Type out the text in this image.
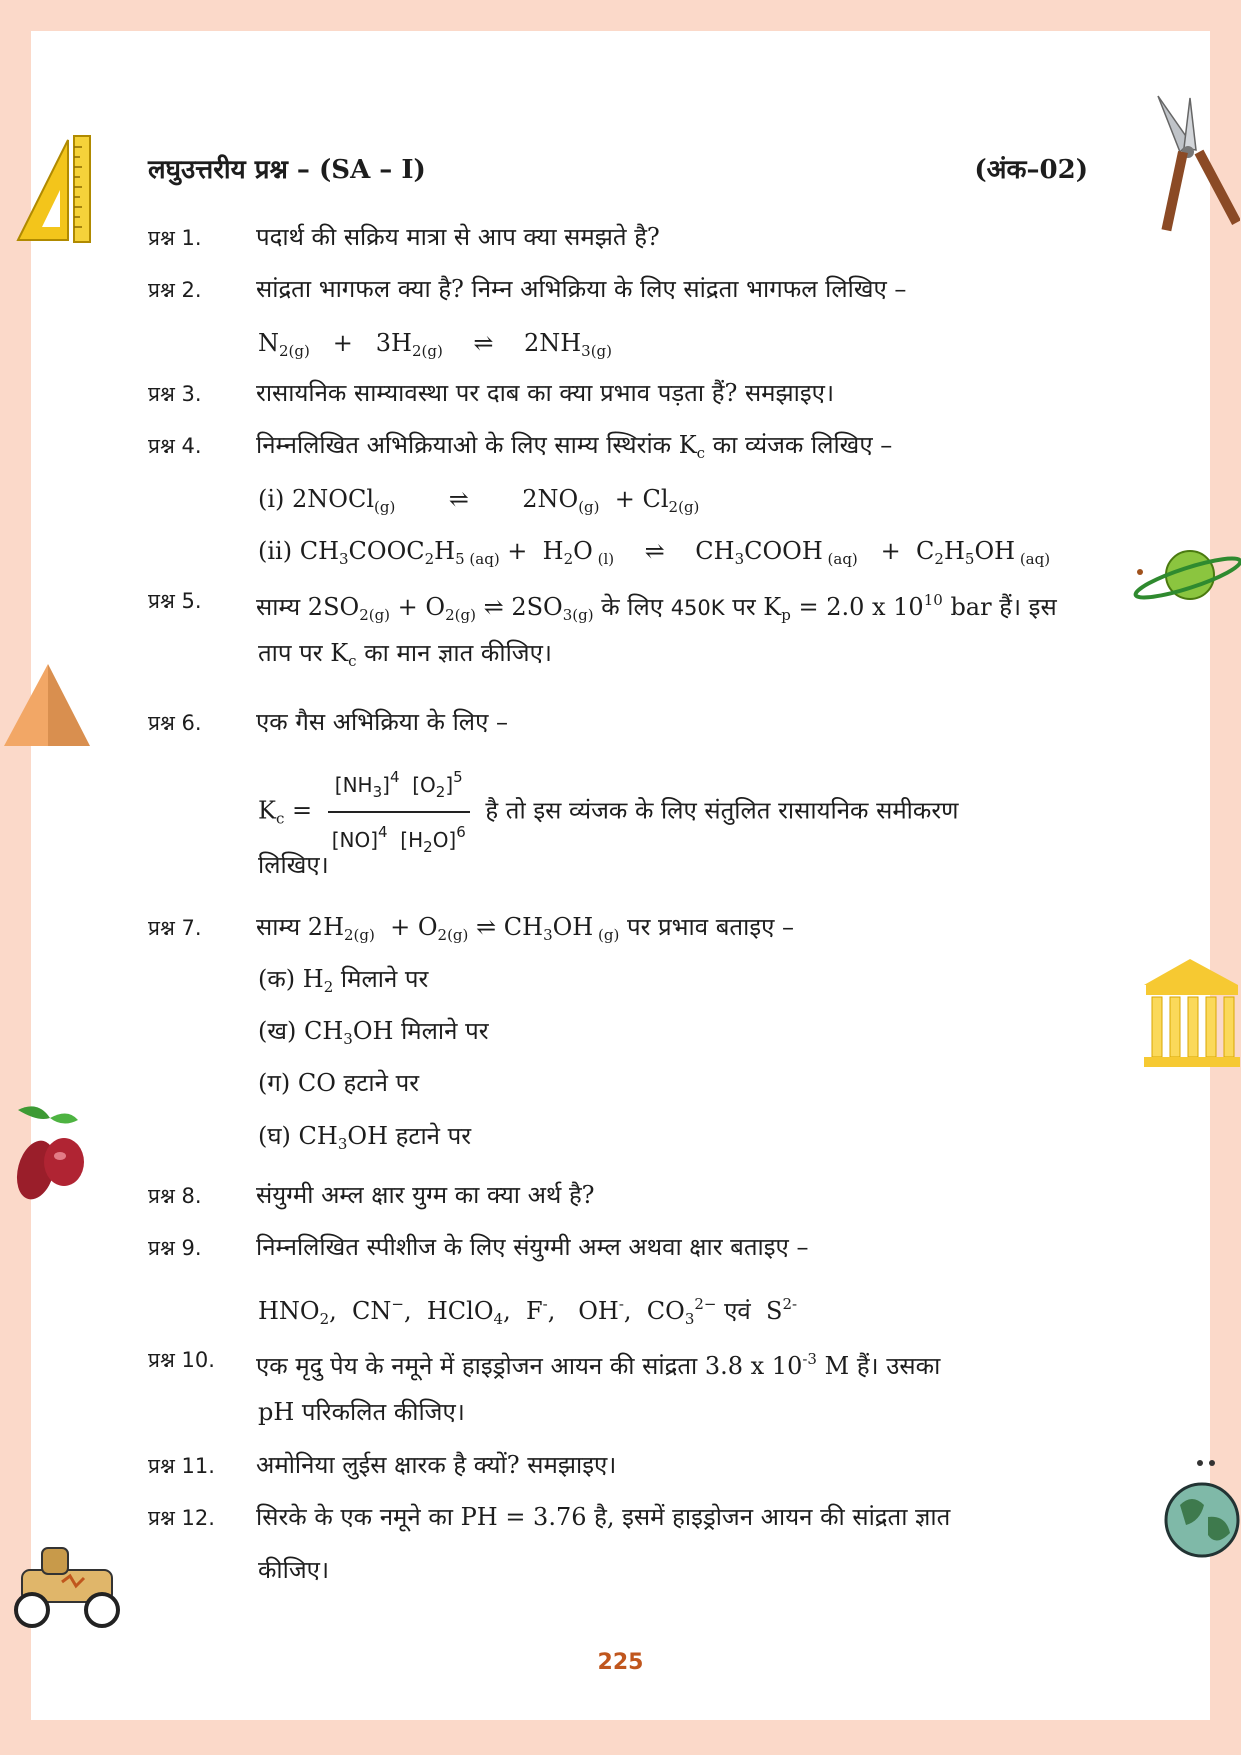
लघुउत्तरीय प्रश्न – (SA – I)	(अंक–02)
प्रश्न 1. पदार्थ की सक्रिय मात्रा से आप क्या समझते है?
प्रश्न 2. सांद्रता भागफल क्या है? निम्न अभिक्रिया के लिए सांद्रता भागफल लिखिए –
$N_{2(g)} + 3H_{2(g)}$    ⇌    $2NH_{3(g)}$
प्रश्न 3. रासायनिक साम्यावस्था पर दाब का क्या प्रभाव पड़ता हैं? समझाइए।
प्रश्न 4. निम्नलिखित अभिक्रियाओ के लिए साम्य स्थिरांक $K_c$ का व्यंजक लिखिए –
(i) 2NOCl$_{(g)}$       ⇌       $2NO_{(g)} + Cl_{2(g)}$
(ii) $CH_3COOC_2H_{5 (aq)} + H_2O$ $_{(l)}$    ⇌    $CH_3COOH$ $_{(aq)} + C_2H_5OH$ $_{(aq)}$
प्रश्न 5. साम्य $2SO_{2(g)} + O_{2(g)}$ ⇌ $2SO_{3(g)}$ के लिए 450K पर $K_p = 2.0$ x $10^{10}$ bar हैं। इस
ताप पर $K_c$ का मान ज्ञात कीजिए।
प्रश्न 6. एक गैस अभिक्रिया के लिए –
$K_c = \frac{[NH_3]^4 [O_2]^5}{[NO]^4 [H_2O]^6}$ है तो इस व्यंजक के लिए संतुलित रासायनिक समीकरण
लिखिए।
प्रश्न 7. साम्य $2H_{2(g)} + O_{2(g)}$ ⇌ $CH_3OH$ $_{(g)}$ पर प्रभाव बताइए –
(क) $H_2$ मिलाने पर
(ख) $CH_3OH$ मिलाने पर
(ग) CO हटाने पर
(घ) $CH_3OH$ हटाने पर
प्रश्न 8. संयुग्मी अम्ल क्षार युग्म का क्या अर्थ है?
प्रश्न 9. निम्नलिखित स्पीशीज के लिए संयुग्मी अम्ल अथवा क्षार बताइए –
$HNO_2$,  CN−,  HClO$_4$,  F-,   OH-,  $CO_3^{2-}$ एवं  $S^{2-}$
प्रश्न 10. एक मृदु पेय के नमूने में हाइड्रोजन आयन की सांद्रता 3.8 x $10^{-3}$ M हैं। उसका
pH परिकलित कीजिए।
प्रश्न 11. अमोनिया लुईस क्षारक है क्यों? समझाइए।
प्रश्न 12. सिरके के एक नमूने का PH = 3.76 है, इसमें हाइड्रोजन आयन की सांद्रता ज्ञात
कीजिए।
225
